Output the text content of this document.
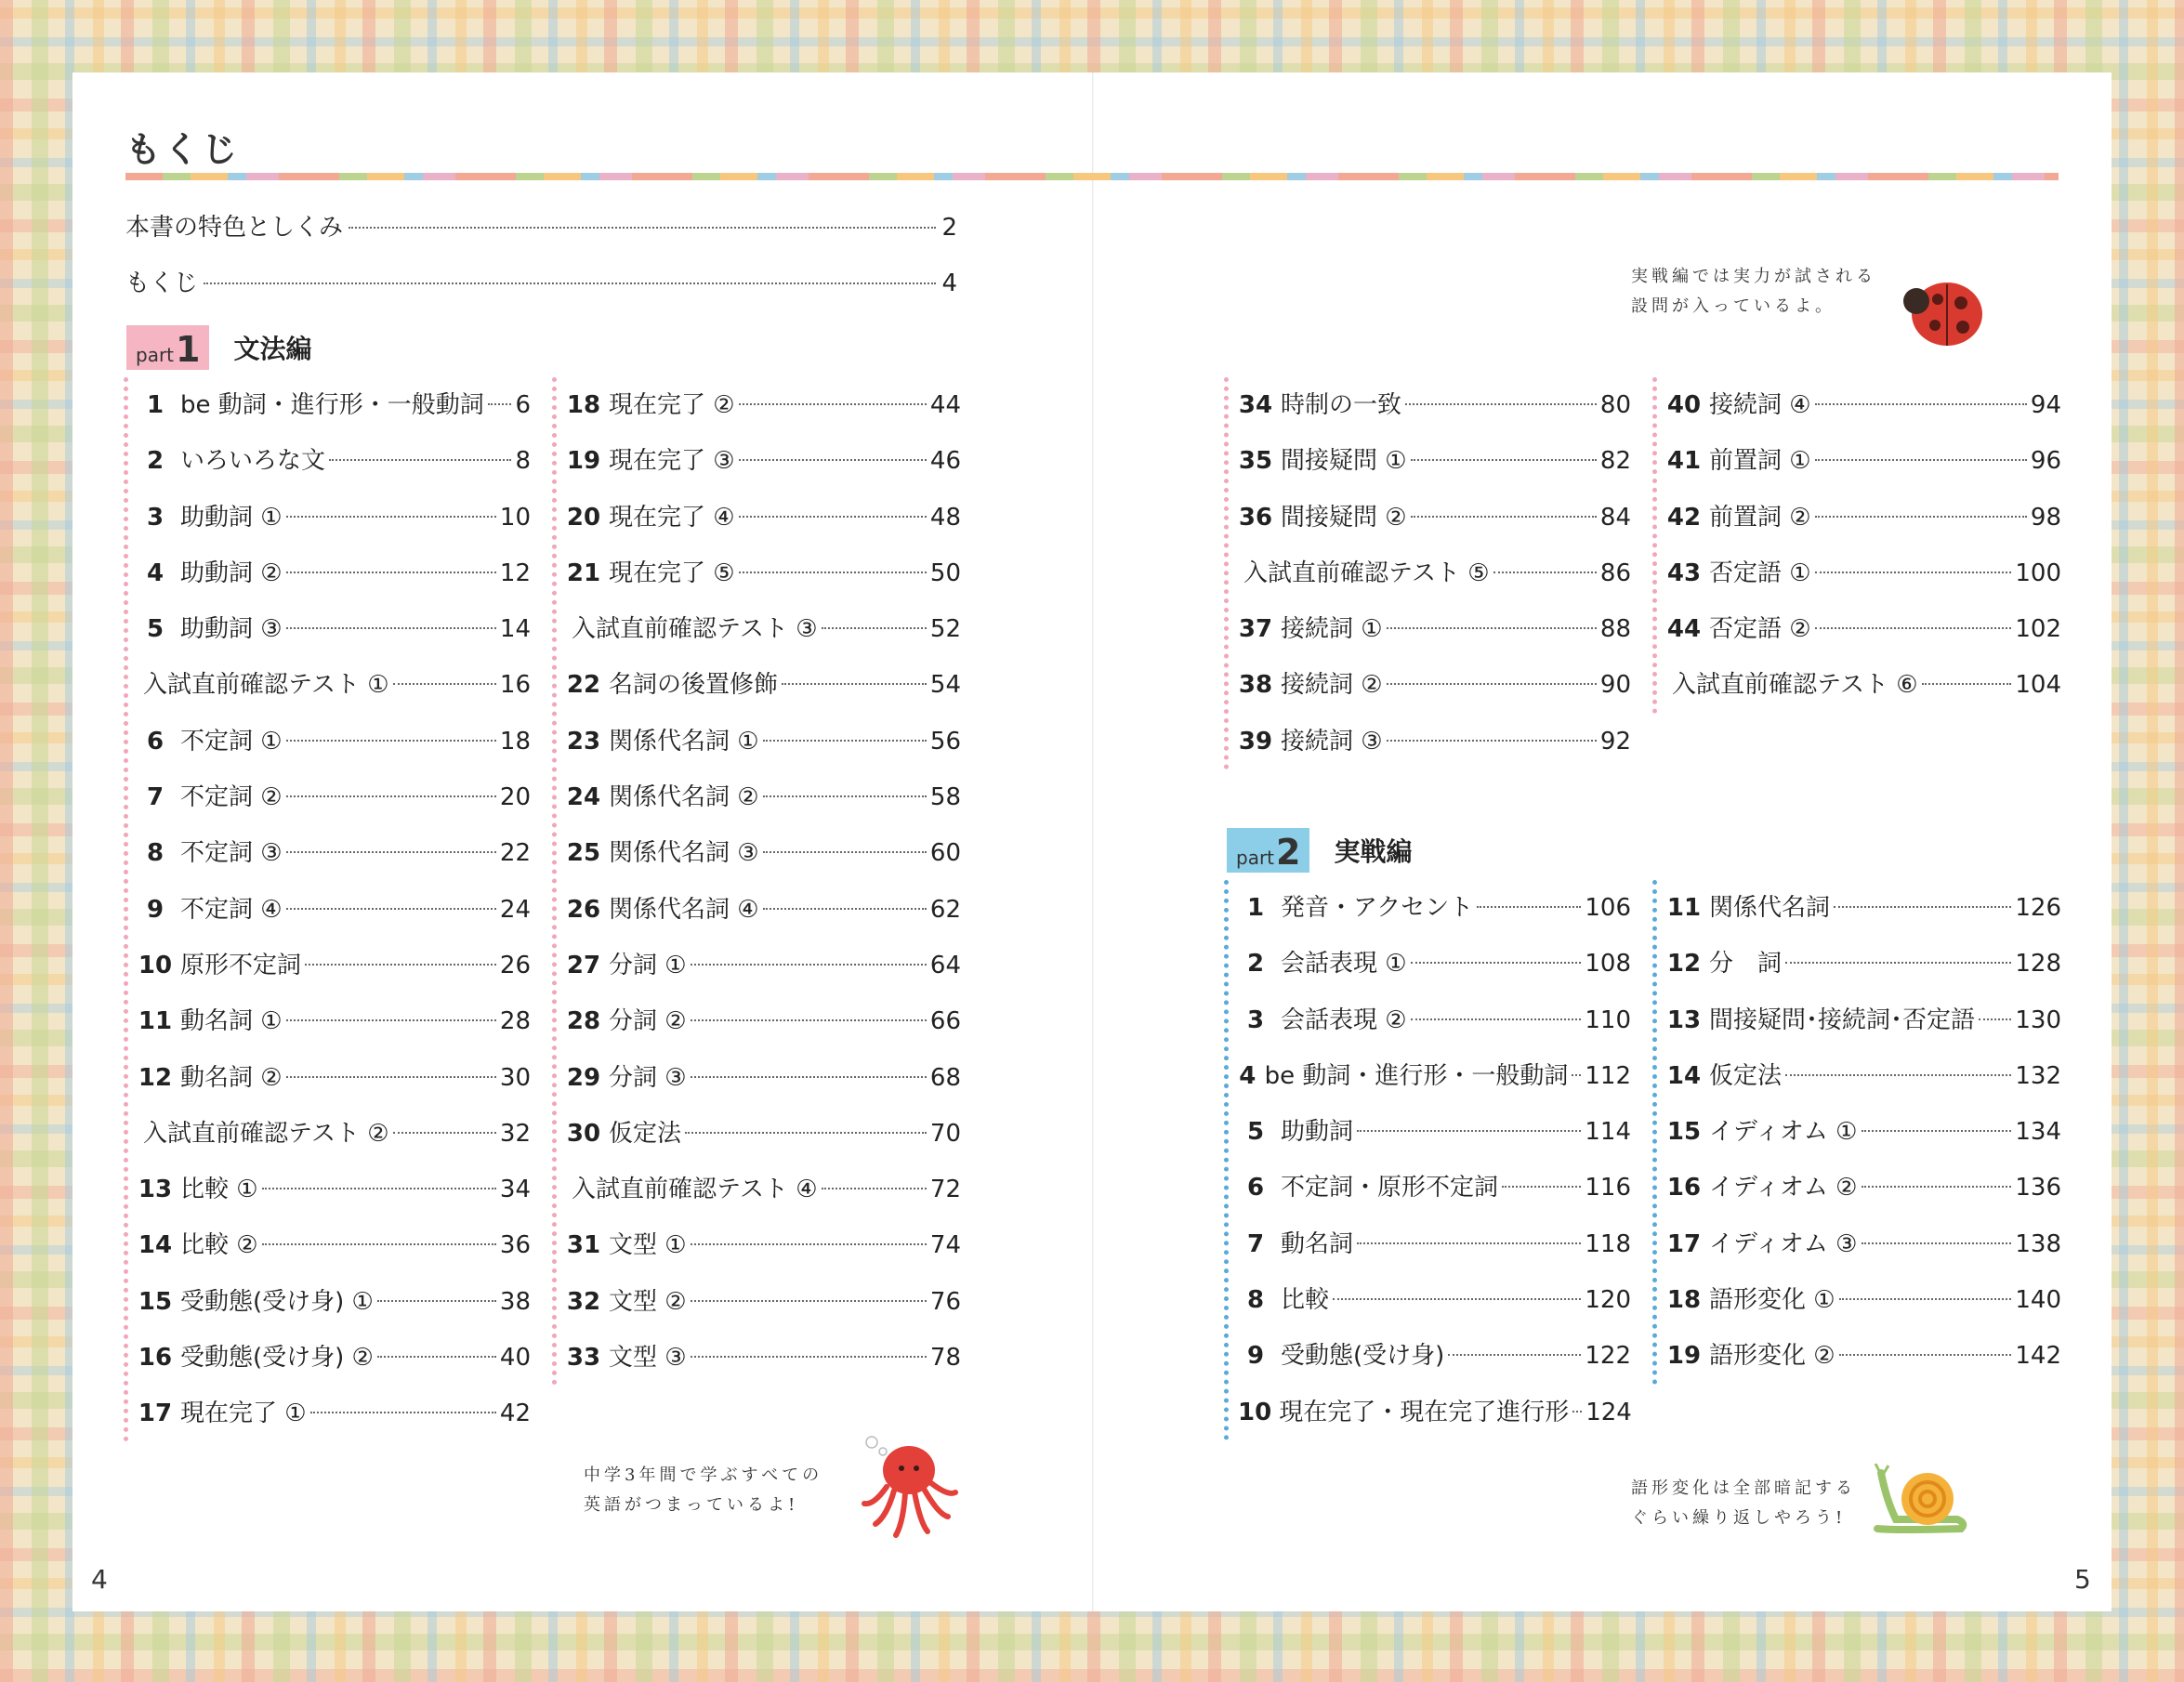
もくじ
本書の特色としくみ	2
もくじ	4
part 1 文法編
part 2 実戦編
1 be 動詞・進行形・一般動詞 6
2 いろいろな文	8
3 助動詞 ①	10
4 助動詞 ②	12
5 助動詞 ③	14
入試直前確認テスト ①	16
6 不定詞 ①	18
7 不定詞 ②	20
8 不定詞 ③	22
9 不定詞 ④	24
10 原形不定詞	26
11 動名詞 ①	28
12 動名詞 ②	30
入試直前確認テスト ②	32
13 比較 ①	34
14 比較 ②	36
15 受動態(受け身) ①	38
16 受動態(受け身) ②	40
17 現在完了 ①	42
18 現在完了 ②	44
19 現在完了 ③	46
20 現在完了 ④	48
21 現在完了 ⑤	50
入試直前確認テスト ③	52
22 名詞の後置修飾	54
23 関係代名詞 ①	56
24 関係代名詞 ②	58
25 関係代名詞 ③	60
26 関係代名詞 ④	62
27 分詞 ①	64
28 分詞 ②	66
29 分詞 ③	68
30 仮定法	70
入試直前確認テスト ④	72
31 文型 ①	74
32 文型 ②	76
33 文型 ③	78
34 時制の一致	80
35 間接疑問 ①	82
36 間接疑問 ②	84
入試直前確認テスト ⑤	86
37 接続詞 ①	88
38 接続詞 ②	90
39 接続詞 ③	92
40 接続詞 ④	94
41 前置詞 ①	96
42 前置詞 ②	98
43 否定語 ①	100
44 否定語 ②	102
入試直前確認テスト ⑥	104
1 発音・アクセント	106
2 会話表現 ①	108
3 会話表現 ②	110
4 be 動詞・進行形・一般動詞 112
5 助動詞	114
6 不定詞・原形不定詞	116
7 動名詞	118
8 比較	120
9 受動態(受け身)	122
10 現在完了・現在完了進行形 124
11 関係代名詞	126
12 分　詞	128
13 間接疑問･接続詞･否定語 130
14 仮定法	132
15 イディオム ①	134
16 イディオム ②	136
17 イディオム ③	138
18 語形変化 ①	140
19 語形変化 ②	142
実戦編では実力が試される
設問が入っているよ。
中学3年間で学ぶすべての
英語がつまっているよ!
語形変化は全部暗記する
ぐらい繰り返しやろう!
4	5
